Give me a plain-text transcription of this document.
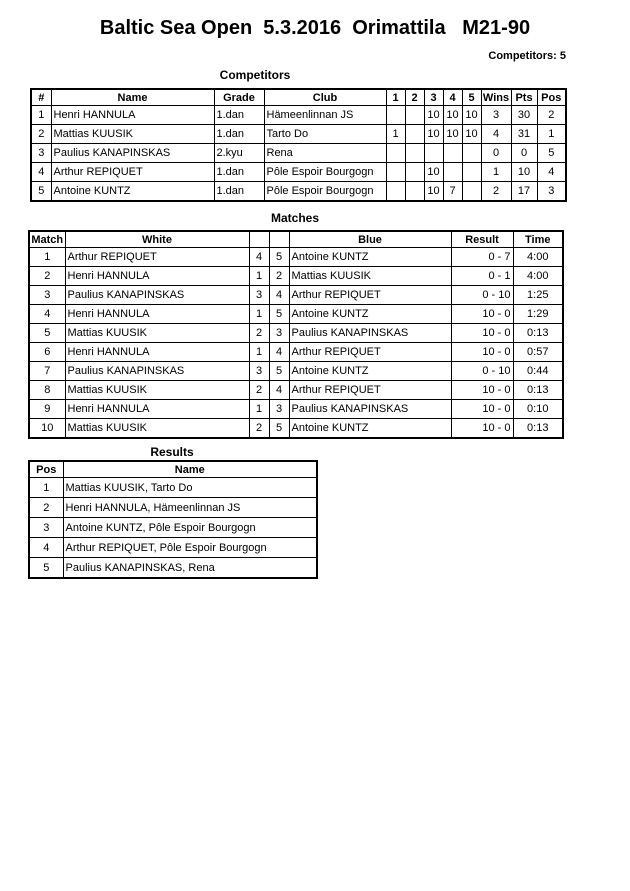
Baltic Sea Open  5.3.2016  Orimattila   M21-90
Competitors: 5
Competitors
#	Name	Grade	Club	1	2	3	4	5	Wins	Pts	Pos
1	Henri HANNULA	1.dan	Hämeenlinnan JS			10	10	10	3	30	2
2	Mattias KUUSIK	1.dan	Tarto Do	1		10	10	10	4	31	1
3	Paulius KANAPINSKAS	2.kyu	Rena						0	0	5
4	Arthur REPIQUET	1.dan	Pôle Espoir Bourgogn			10			1	10	4
5	Antoine KUNTZ	1.dan	Pôle Espoir Bourgogn			10	7		2	17	3
Matches
Match	White			Blue	Result	Time
1	Arthur REPIQUET	4	5	Antoine KUNTZ	0 - 7	4:00
2	Henri HANNULA	1	2	Mattias KUUSIK	0 - 1	4:00
3	Paulius KANAPINSKAS	3	4	Arthur REPIQUET	0 - 10	1:25
4	Henri HANNULA	1	5	Antoine KUNTZ	10 - 0	1:29
5	Mattias KUUSIK	2	3	Paulius KANAPINSKAS	10 - 0	0:13
6	Henri HANNULA	1	4	Arthur REPIQUET	10 - 0	0:57
7	Paulius KANAPINSKAS	3	5	Antoine KUNTZ	0 - 10	0:44
8	Mattias KUUSIK	2	4	Arthur REPIQUET	10 - 0	0:13
9	Henri HANNULA	1	3	Paulius KANAPINSKAS	10 - 0	0:10
10	Mattias KUUSIK	2	5	Antoine KUNTZ	10 - 0	0:13
Results
Pos	Name
1	Mattias KUUSIK, Tarto Do
2	Henri HANNULA, Hämeenlinnan JS
3	Antoine KUNTZ, Pôle Espoir Bourgogn
4	Arthur REPIQUET, Pôle Espoir Bourgogn
5	Paulius KANAPINSKAS, Rena
